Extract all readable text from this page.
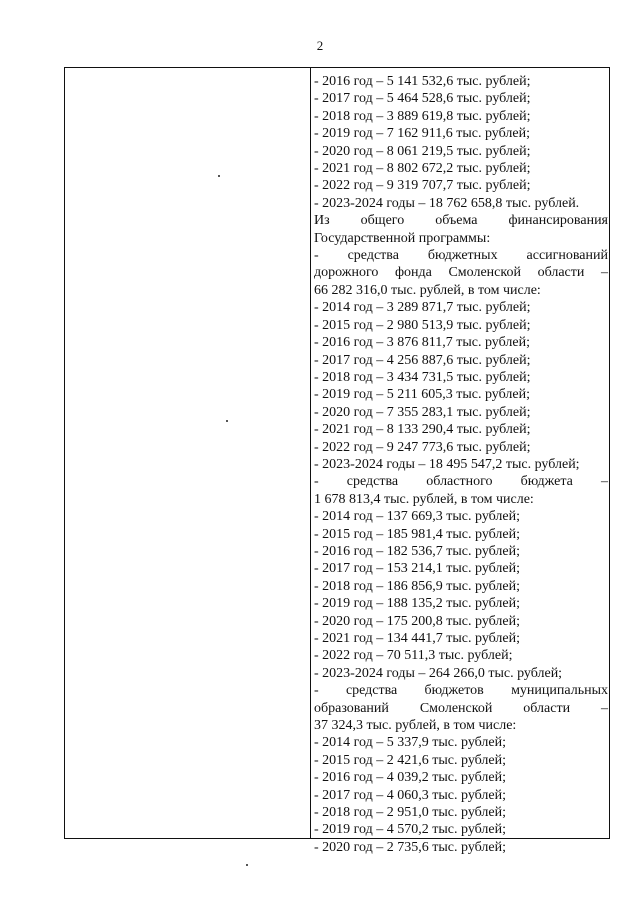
2
- 2016 год – 5 141 532,6 тыс. рублей;
- 2017 год – 5 464 528,6 тыс. рублей;
- 2018 год – 3 889 619,8 тыс. рублей;
- 2019 год – 7 162 911,6 тыс. рублей;
- 2020 год – 8 061 219,5 тыс. рублей;
- 2021 год – 8 802 672,2 тыс. рублей;
- 2022 год – 9 319 707,7 тыс. рублей;
- 2023-2024 годы – 18 762 658,8 тыс. рублей.
Из общего объема финансирования
Государственной программы:
- средства бюджетных ассигнований
дорожного фонда Смоленской области –
66 282 316,0 тыс. рублей, в том числе:
- 2014 год – 3 289 871,7 тыс. рублей;
- 2015 год – 2 980 513,9 тыс. рублей;
- 2016 год – 3 876 811,7 тыс. рублей;
- 2017 год – 4 256 887,6 тыс. рублей;
- 2018 год – 3 434 731,5 тыс. рублей;
- 2019 год – 5 211 605,3 тыс. рублей;
- 2020 год – 7 355 283,1 тыс. рублей;
- 2021 год – 8 133 290,4 тыс. рублей;
- 2022 год – 9 247 773,6 тыс. рублей;
- 2023-2024 годы – 18 495 547,2 тыс. рублей;
- средства областного бюджета –
1 678 813,4 тыс. рублей, в том числе:
- 2014 год – 137 669,3 тыс. рублей;
- 2015 год – 185 981,4 тыс. рублей;
- 2016 год – 182 536,7 тыс. рублей;
- 2017 год – 153 214,1 тыс. рублей;
- 2018 год – 186 856,9 тыс. рублей;
- 2019 год – 188 135,2 тыс. рублей;
- 2020 год – 175 200,8 тыс. рублей;
- 2021 год – 134 441,7 тыс. рублей;
- 2022 год – 70 511,3 тыс. рублей;
- 2023-2024 годы – 264 266,0 тыс. рублей;
- средства бюджетов муниципальных
образований Смоленской области –
37 324,3 тыс. рублей, в том числе:
- 2014 год – 5 337,9 тыс. рублей;
- 2015 год – 2 421,6 тыс. рублей;
- 2016 год – 4 039,2 тыс. рублей;
- 2017 год – 4 060,3 тыс. рублей;
- 2018 год – 2 951,0 тыс. рублей;
- 2019 год – 4 570,2 тыс. рублей;
- 2020 год – 2 735,6 тыс. рублей;
